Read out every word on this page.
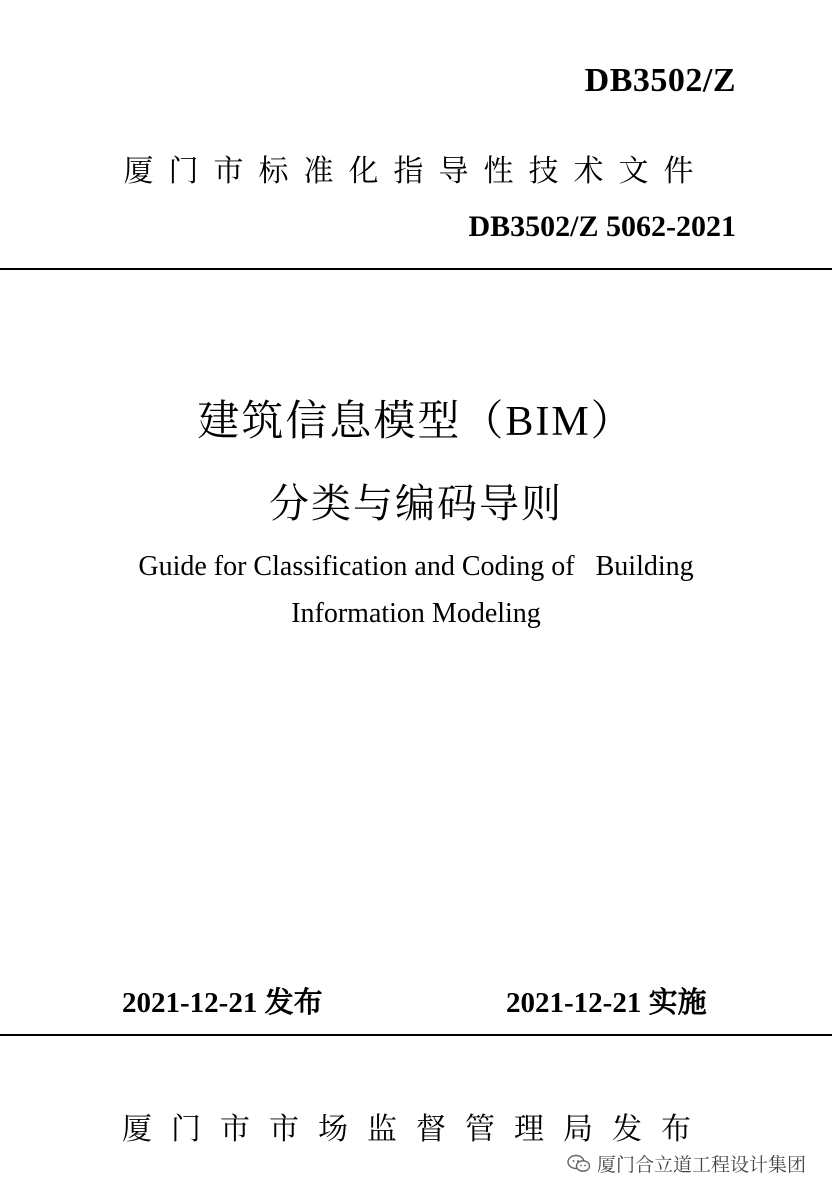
DB3502/Z
厦门市标准化指导性技术文件
DB3502/Z 5062-2021
建筑信息模型（BIM）
分类与编码导则
Guide for Classification and Coding of   Building
Information Modeling
2021-12-21 发布	2021-12-21 实施
厦门市市场监督管理局发布
厦门合立道工程设计集团
